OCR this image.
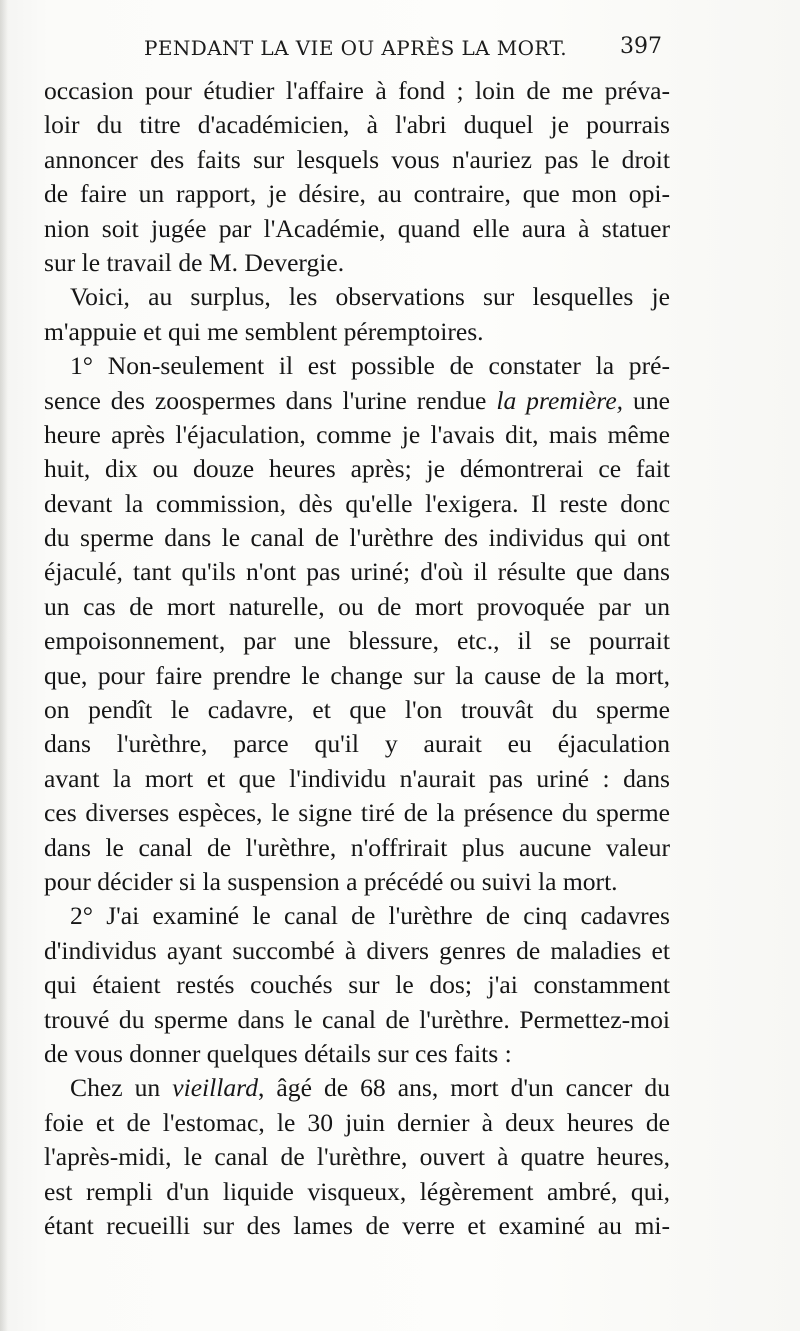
PENDANT LA VIE OU APRÈS LA MORT. 397
occasion pour étudier l'affaire à fond ; loin de me préva-
loir du titre d'académicien, à l'abri duquel je pourrais
annoncer des faits sur lesquels vous n'auriez pas le droit
de faire un rapport, je désire, au contraire, que mon opi-
nion soit jugée par l'Académie, quand elle aura à statuer
sur le travail de M. Devergie.
Voici, au surplus, les observations sur lesquelles je
m'appuie et qui me semblent péremptoires.
1° Non-seulement il est possible de constater la pré-
sence des zoospermes dans l'urine rendue la première, une
heure après l'éjaculation, comme je l'avais dit, mais même
huit, dix ou douze heures après; je démontrerai ce fait
devant la commission, dès qu'elle l'exigera. Il reste donc
du sperme dans le canal de l'urèthre des individus qui ont
éjaculé, tant qu'ils n'ont pas uriné; d'où il résulte que dans
un cas de mort naturelle, ou de mort provoquée par un
empoisonnement, par une blessure, etc., il se pourrait
que, pour faire prendre le change sur la cause de la mort,
on pendît le cadavre, et que l'on trouvât du sperme
dans l'urèthre, parce qu'il y aurait eu éjaculation
avant la mort et que l'individu n'aurait pas uriné : dans
ces diverses espèces, le signe tiré de la présence du sperme
dans le canal de l'urèthre, n'offrirait plus aucune valeur
pour décider si la suspension a précédé ou suivi la mort.
2° J'ai examiné le canal de l'urèthre de cinq cadavres
d'individus ayant succombé à divers genres de maladies et
qui étaient restés couchés sur le dos; j'ai constamment
trouvé du sperme dans le canal de l'urèthre. Permettez-moi
de vous donner quelques détails sur ces faits :
Chez un vieillard, âgé de 68 ans, mort d'un cancer du
foie et de l'estomac, le 30 juin dernier à deux heures de
l'après-midi, le canal de l'urèthre, ouvert à quatre heures,
est rempli d'un liquide visqueux, légèrement ambré, qui,
étant recueilli sur des lames de verre et examiné au mi-
